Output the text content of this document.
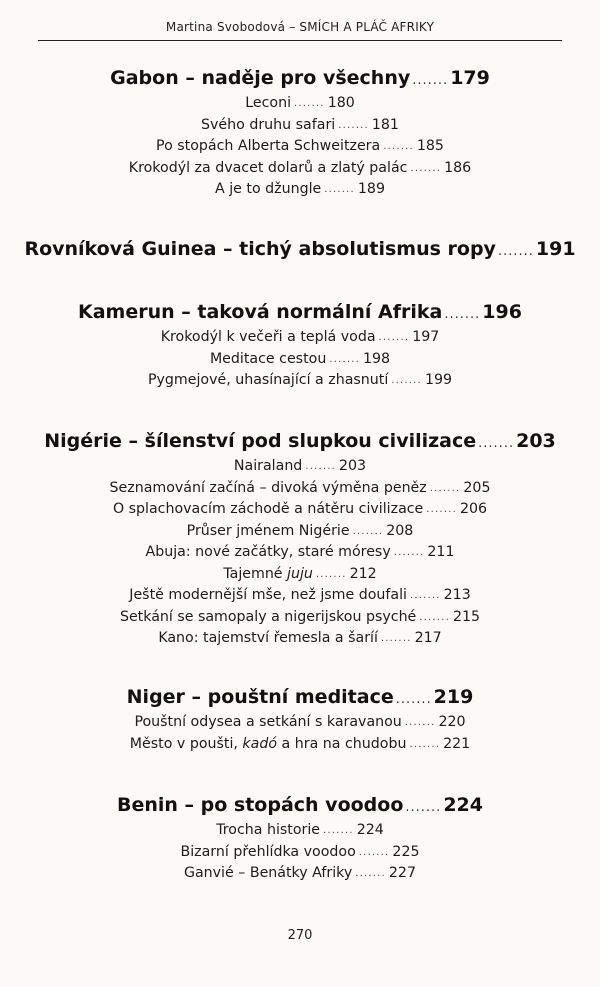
Martina Svobodová – SMÍCH A PLÁČ AFRIKY
Gabon – naděje pro všechny ....... 179
Leconi ....... 180
Svého druhu safari ....... 181
Po stopách Alberta Schweitzera ....... 185
Krokodýl za dvacet dolarů a zlatý palác ....... 186
A je to džungle ....... 189
Rovníková Guinea – tichý absolutismus ropy ....... 191
Kamerun – taková normální Afrika ....... 196
Krokodýl k večeři a teplá voda ....... 197
Meditace cestou ....... 198
Pygmejové, uhasínající a zhasnutí ....... 199
Nigérie – šílenství pod slupkou civilizace ....... 203
Nairaland ....... 203
Seznamování začíná – divoká výměna peněz ....... 205
O splachovacím záchodě a nátěru civilizace ....... 206
Průser jménem Nigérie ....... 208
Abuja: nové začátky, staré móresy ....... 211
Tajemné juju ....... 212
Ještě modernější mše, než jsme doufali ....... 213
Setkání se samopaly a nigerijskou psyché ....... 215
Kano: tajemství řemesla a šaríí ....... 217
Niger – pouštní meditace ....... 219
Pouštní odysea a setkání s karavanou ....... 220
Město v poušti, kadó a hra na chudobu ....... 221
Benin – po stopách voodoo ....... 224
Trocha historie ....... 224
Bizarní přehlídka voodoo ....... 225
Ganvié – Benátky Afriky ....... 227
270
